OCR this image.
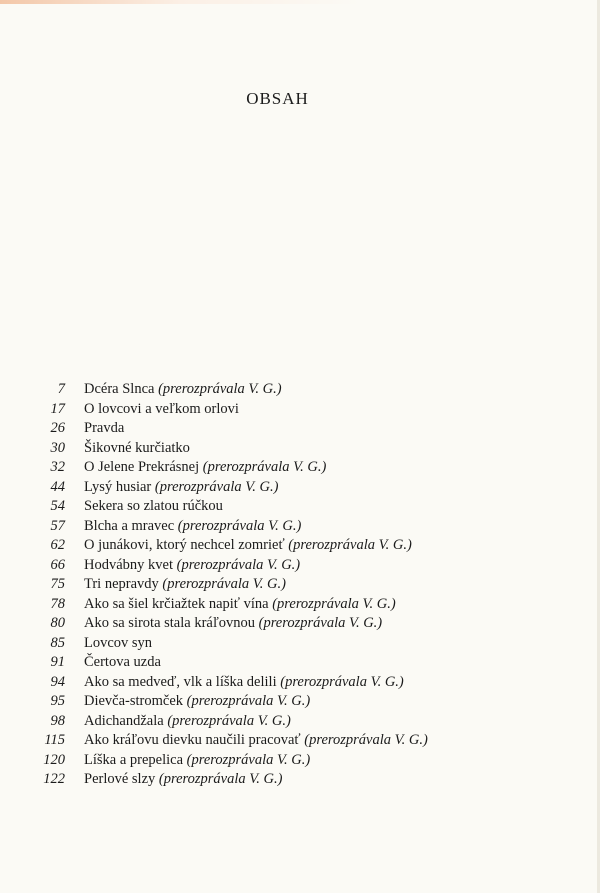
OBSAH
7 Dcéra Slnca (prerozprávala V. G.)
17 O lovcovi a veľkom orlovi
26 Pravda
30 Šikovné kurčiatko
32 O Jelene Prekrásnej (prerozprávala V. G.)
44 Lysý husiar (prerozprávala V. G.)
54 Sekera so zlatou rúčkou
57 Blcha a mravec (prerozprávala V. G.)
62 O junákovi, ktorý nechcel zomrieť (prerozprávala V. G.)
66 Hodvábny kvet (prerozprávala V. G.)
75 Tri nepravdy (prerozprávala V. G.)
78 Ako sa šiel krčiažtek napiť vína (prerozprávala V. G.)
80 Ako sa sirota stala kráľovnou (prerozprávala V. G.)
85 Lovcov syn
91 Čertova uzda
94 Ako sa medveď, vlk a líška delili (prerozprávala V. G.)
95 Dievča-stromček (prerozprávala V. G.)
98 Adichandžala (prerozprávala V. G.)
115 Ako kráľovu dievku naučili pracovať (prerozprávala V. G.)
120 Líška a prepelica (prerozprávala V. G.)
122 Perlové slzy (prerozprávala V. G.)
